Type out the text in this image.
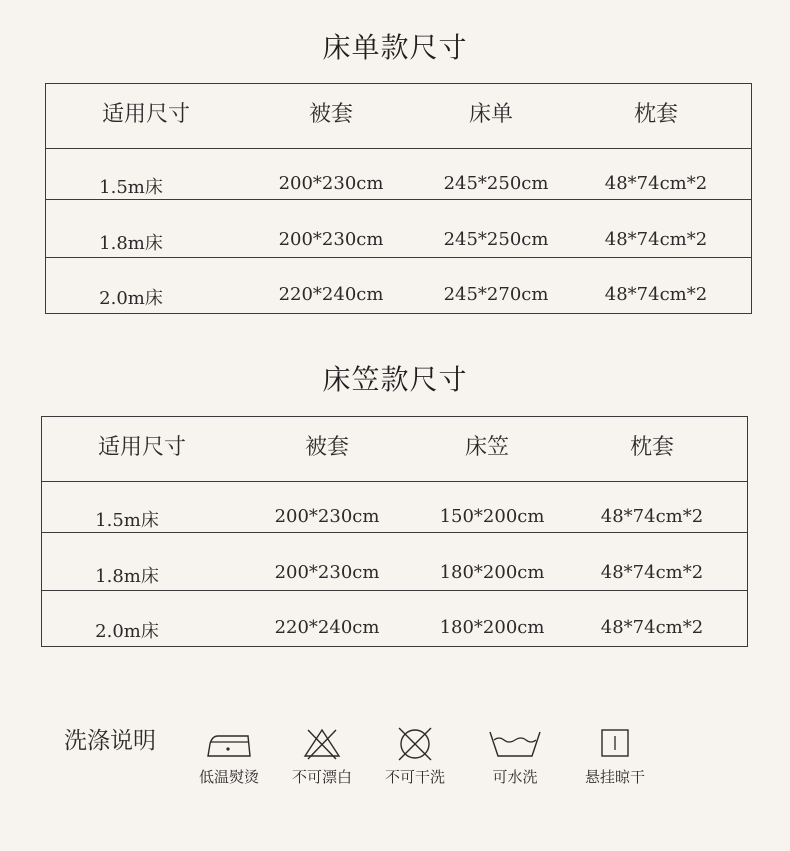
床单款尺寸
适用尺寸	被套	床单	枕套
1.5m床	200*230cm	245*250cm	48*74cm*2
1.8m床	200*230cm	245*250cm	48*74cm*2
2.0m床	220*240cm	245*270cm	48*74cm*2
床笠款尺寸
适用尺寸	被套	床笠	枕套
1.5m床	200*230cm	150*200cm	48*74cm*2
1.8m床	200*230cm	180*200cm	48*74cm*2
2.0m床	220*240cm	180*200cm	48*74cm*2
洗涤说明
低温熨烫	不可漂白	不可干洗	可水洗	悬挂晾干
